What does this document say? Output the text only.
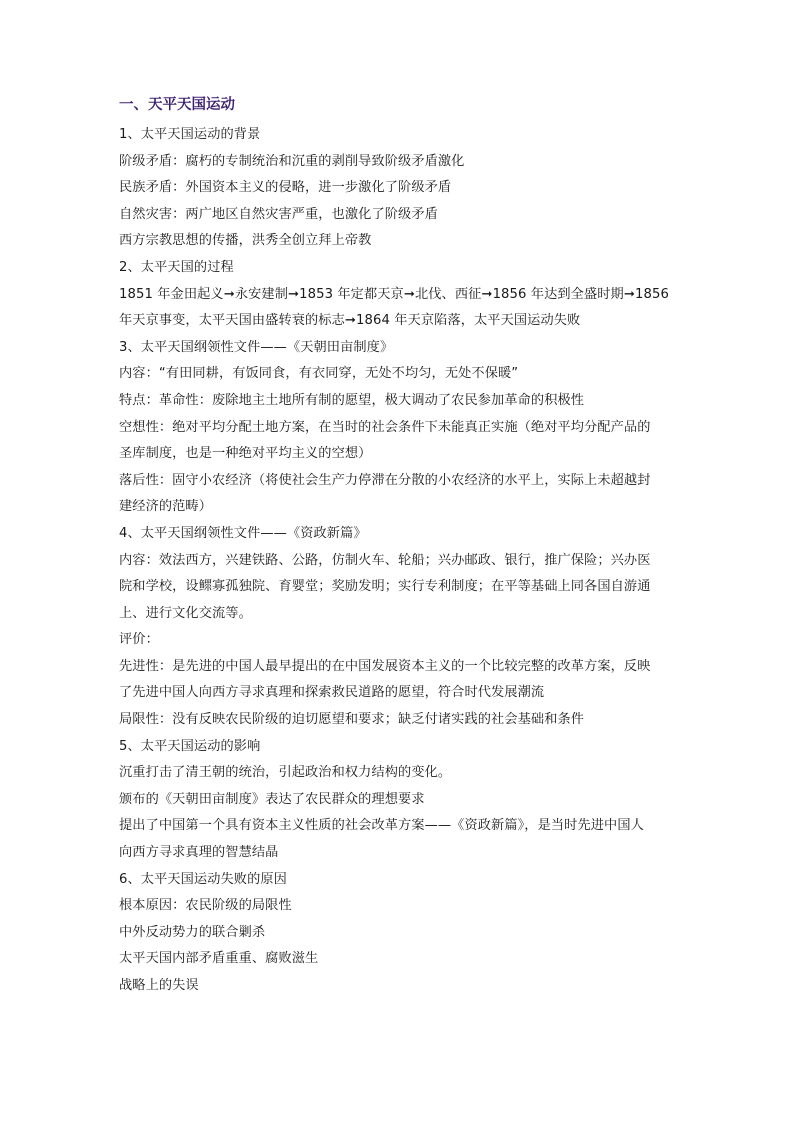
一、天平天国运动
1、太平天国运动的背景
阶级矛盾：腐朽的专制统治和沉重的剥削导致阶级矛盾激化
民族矛盾：外国资本主义的侵略，进一步激化了阶级矛盾
自然灾害：两广地区自然灾害严重，也激化了阶级矛盾
西方宗教思想的传播，洪秀全创立拜上帝教
2、太平天国的过程
1851 年金田起义➞永安建制➞1853 年定都天京➞北伐、西征➞1856 年达到全盛时期➞1856
年天京事变，太平天国由盛转衰的标志➞1864 年天京陷落，太平天国运动失败
3、太平天国纲领性文件——《天朝田亩制度》
内容：“有田同耕，有饭同食，有衣同穿，无处不均匀，无处不保暖”
特点：革命性：废除地主土地所有制的愿望，极大调动了农民参加革命的积极性
空想性：绝对平均分配土地方案，在当时的社会条件下未能真正实施（绝对平均分配产品的
圣库制度，也是一种绝对平均主义的空想）
落后性：固守小农经济（将使社会生产力停滞在分散的小农经济的水平上，实际上未超越封
建经济的范畴）
4、太平天国纲领性文件——《资政新篇》
内容：效法西方，兴建铁路、公路，仿制火车、轮船；兴办邮政、银行，推广保险；兴办医
院和学校，设鳏寡孤独院、育婴堂；奖励发明；实行专利制度；在平等基础上同各国自游通
上、进行文化交流等。
评价：
先进性：是先进的中国人最早提出的在中国发展资本主义的一个比较完整的改革方案，反映
了先进中国人向西方寻求真理和探索救民道路的愿望，符合时代发展潮流
局限性：没有反映农民阶级的迫切愿望和要求；缺乏付诸实践的社会基础和条件
5、太平天国运动的影响
沉重打击了清王朝的统治，引起政治和权力结构的变化。
颁布的《天朝田亩制度》表达了农民群众的理想要求
提出了中国第一个具有资本主义性质的社会改革方案——《资政新篇》，是当时先进中国人
向西方寻求真理的智慧结晶
6、太平天国运动失败的原因
根本原因：农民阶级的局限性
中外反动势力的联合剿杀
太平天国内部矛盾重重、腐败滋生
战略上的失误
